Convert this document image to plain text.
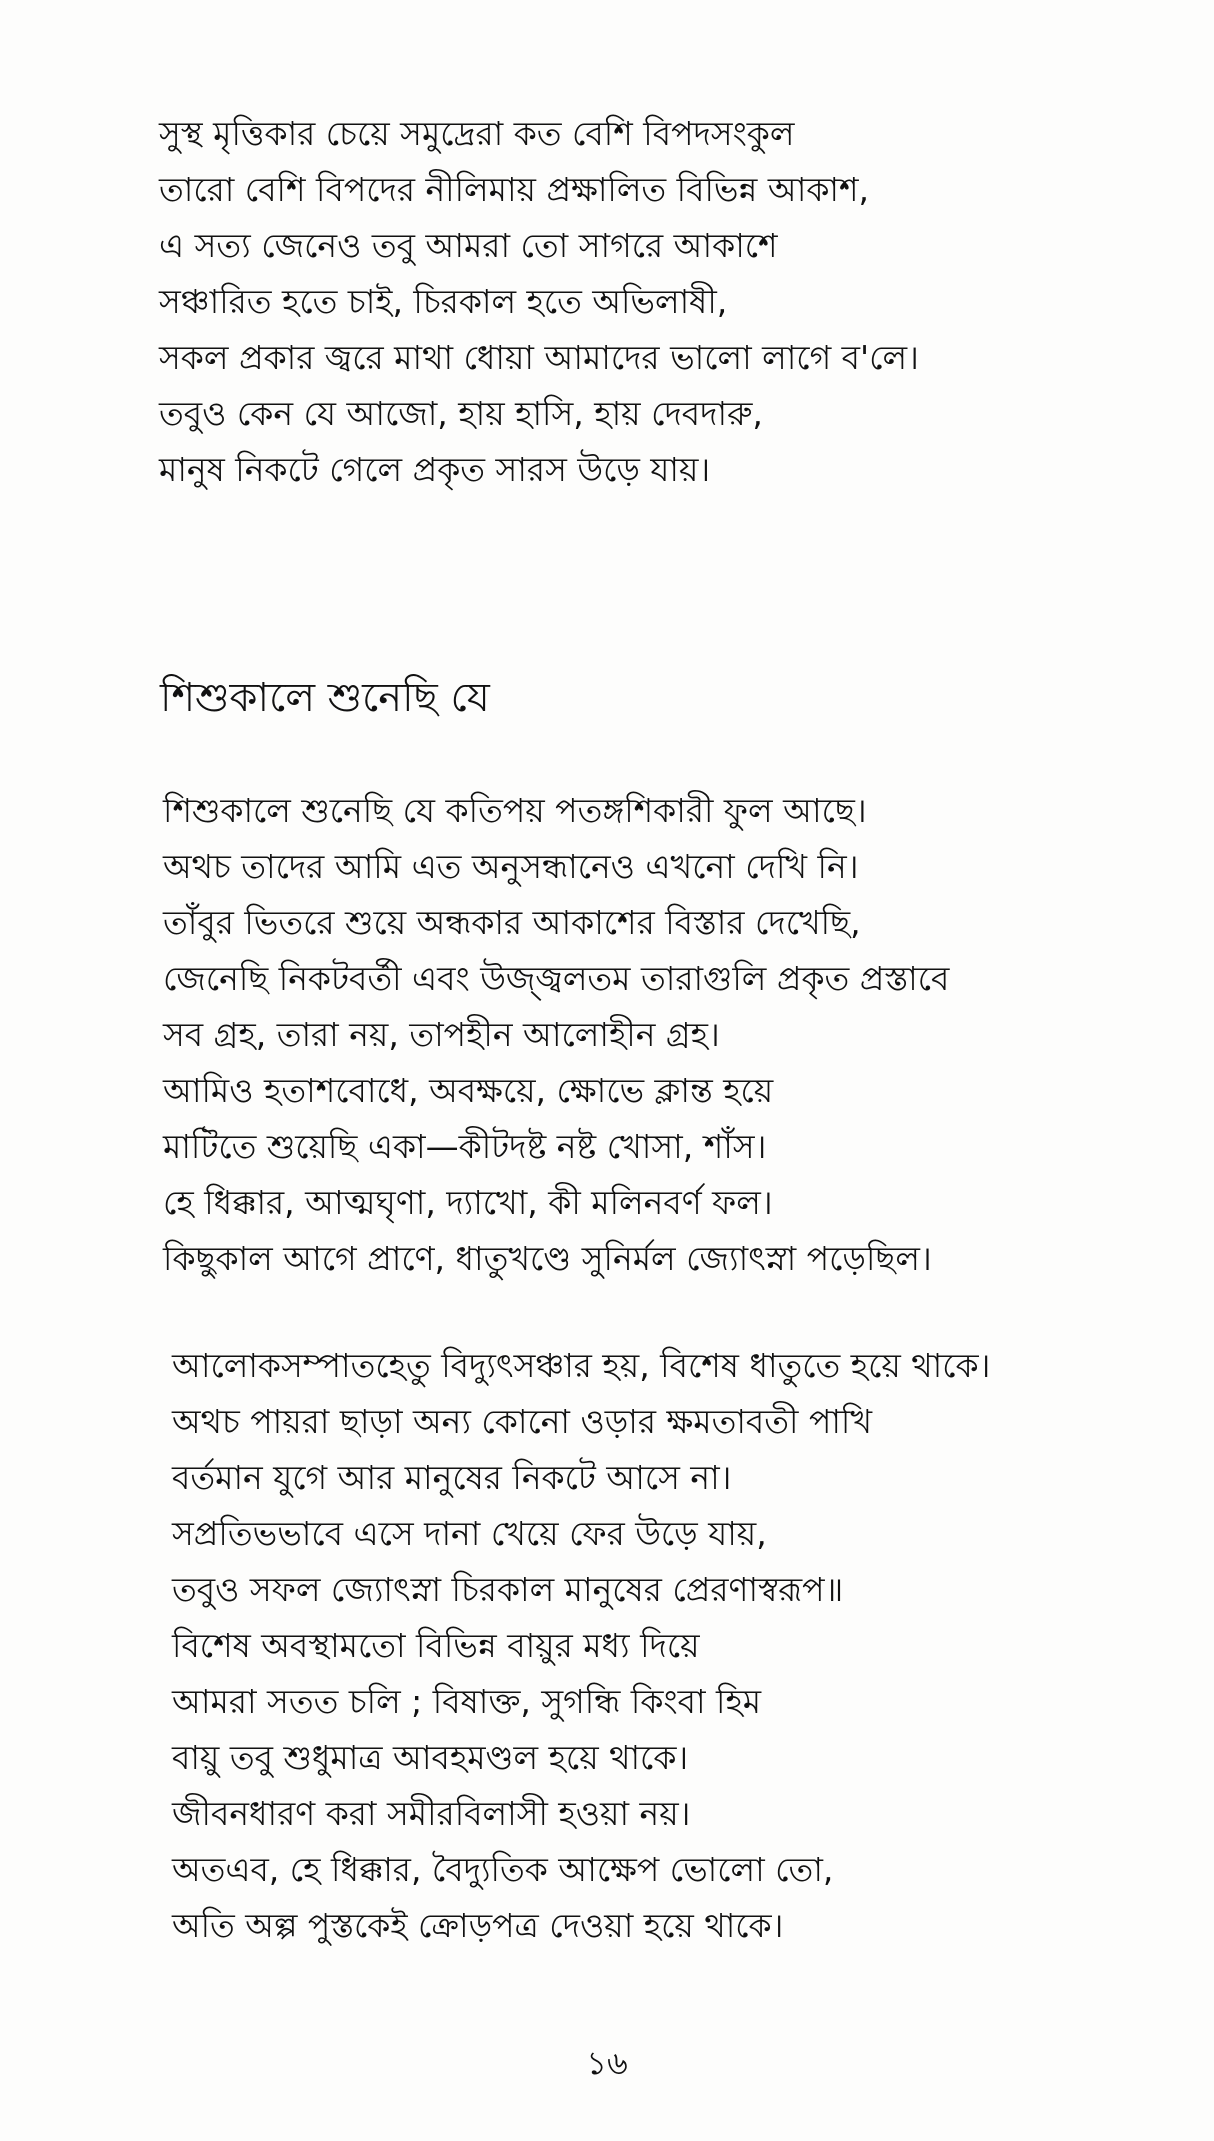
সুস্থ মৃত্তিকার চেয়ে সমুদ্রেরা কত বেশি বিপদসংকুল
তারো বেশি বিপদের নীলিমায় প্রক্ষালিত বিভিন্ন আকাশ,
এ সত্য জেনেও তবু আমরা তো সাগরে আকাশে
সঞ্চারিত হতে চাই, চিরকাল হতে অভিলাষী,
সকল প্রকার জ্বরে মাথা ধোয়া আমাদের ভালো লাগে ব'লে।
তবুও কেন যে আজো, হায় হাসি, হায় দেবদারু,
মানুষ নিকটে গেলে প্রকৃত সারস উড়ে যায়।
শিশুকালে শুনেছি যে
শিশুকালে শুনেছি যে কতিপয় পতঙ্গশিকারী ফুল আছে।
অথচ তাদের আমি এত অনুসন্ধানেও এখনো দেখি নি।
তাঁবুর ভিতরে শুয়ে অন্ধকার আকাশের বিস্তার দেখেছি,
জেনেছি নিকটবর্তী এবং উজ্জ্বলতম তারাগুলি প্রকৃত প্রস্তাবে
সব গ্রহ, তারা নয়, তাপহীন আলোহীন গ্রহ।
আমিও হতাশবোধে, অবক্ষয়ে, ক্ষোভে ক্লান্ত হয়ে
মাটিতে শুয়েছি একা—কীটদষ্ট নষ্ট খোসা, শাঁস।
হে ধিক্কার, আত্মঘৃণা, দ্যাখো, কী মলিনবর্ণ ফল।
কিছুকাল আগে প্রাণে, ধাতুখণ্ডে সুনির্মল জ্যোৎস্না পড়েছিল।
আলোকসম্পাতহেতু বিদ্যুৎসঞ্চার হয়, বিশেষ ধাতুতে হয়ে থাকে।
অথচ পায়রা ছাড়া অন্য কোনো ওড়ার ক্ষমতাবতী পাখি
বর্তমান যুগে আর মানুষের নিকটে আসে না।
সপ্রতিভভাবে এসে দানা খেয়ে ফের উড়ে যায়,
তবুও সফল জ্যোৎস্না চিরকাল মানুষের প্রেরণাস্বরূপ॥
বিশেষ অবস্থামতো বিভিন্ন বায়ুর মধ্য দিয়ে
আমরা সতত চলি ; বিষাক্ত, সুগন্ধি কিংবা হিম
বায়ু তবু শুধুমাত্র আবহমণ্ডল হয়ে থাকে।
জীবনধারণ করা সমীরবিলাসী হওয়া নয়।
অতএব, হে ধিক্কার, বৈদ্যুতিক আক্ষেপ ভোলো তো,
অতি অল্প পুস্তকেই ক্রোড়পত্র দেওয়া হয়ে থাকে।
১৬
